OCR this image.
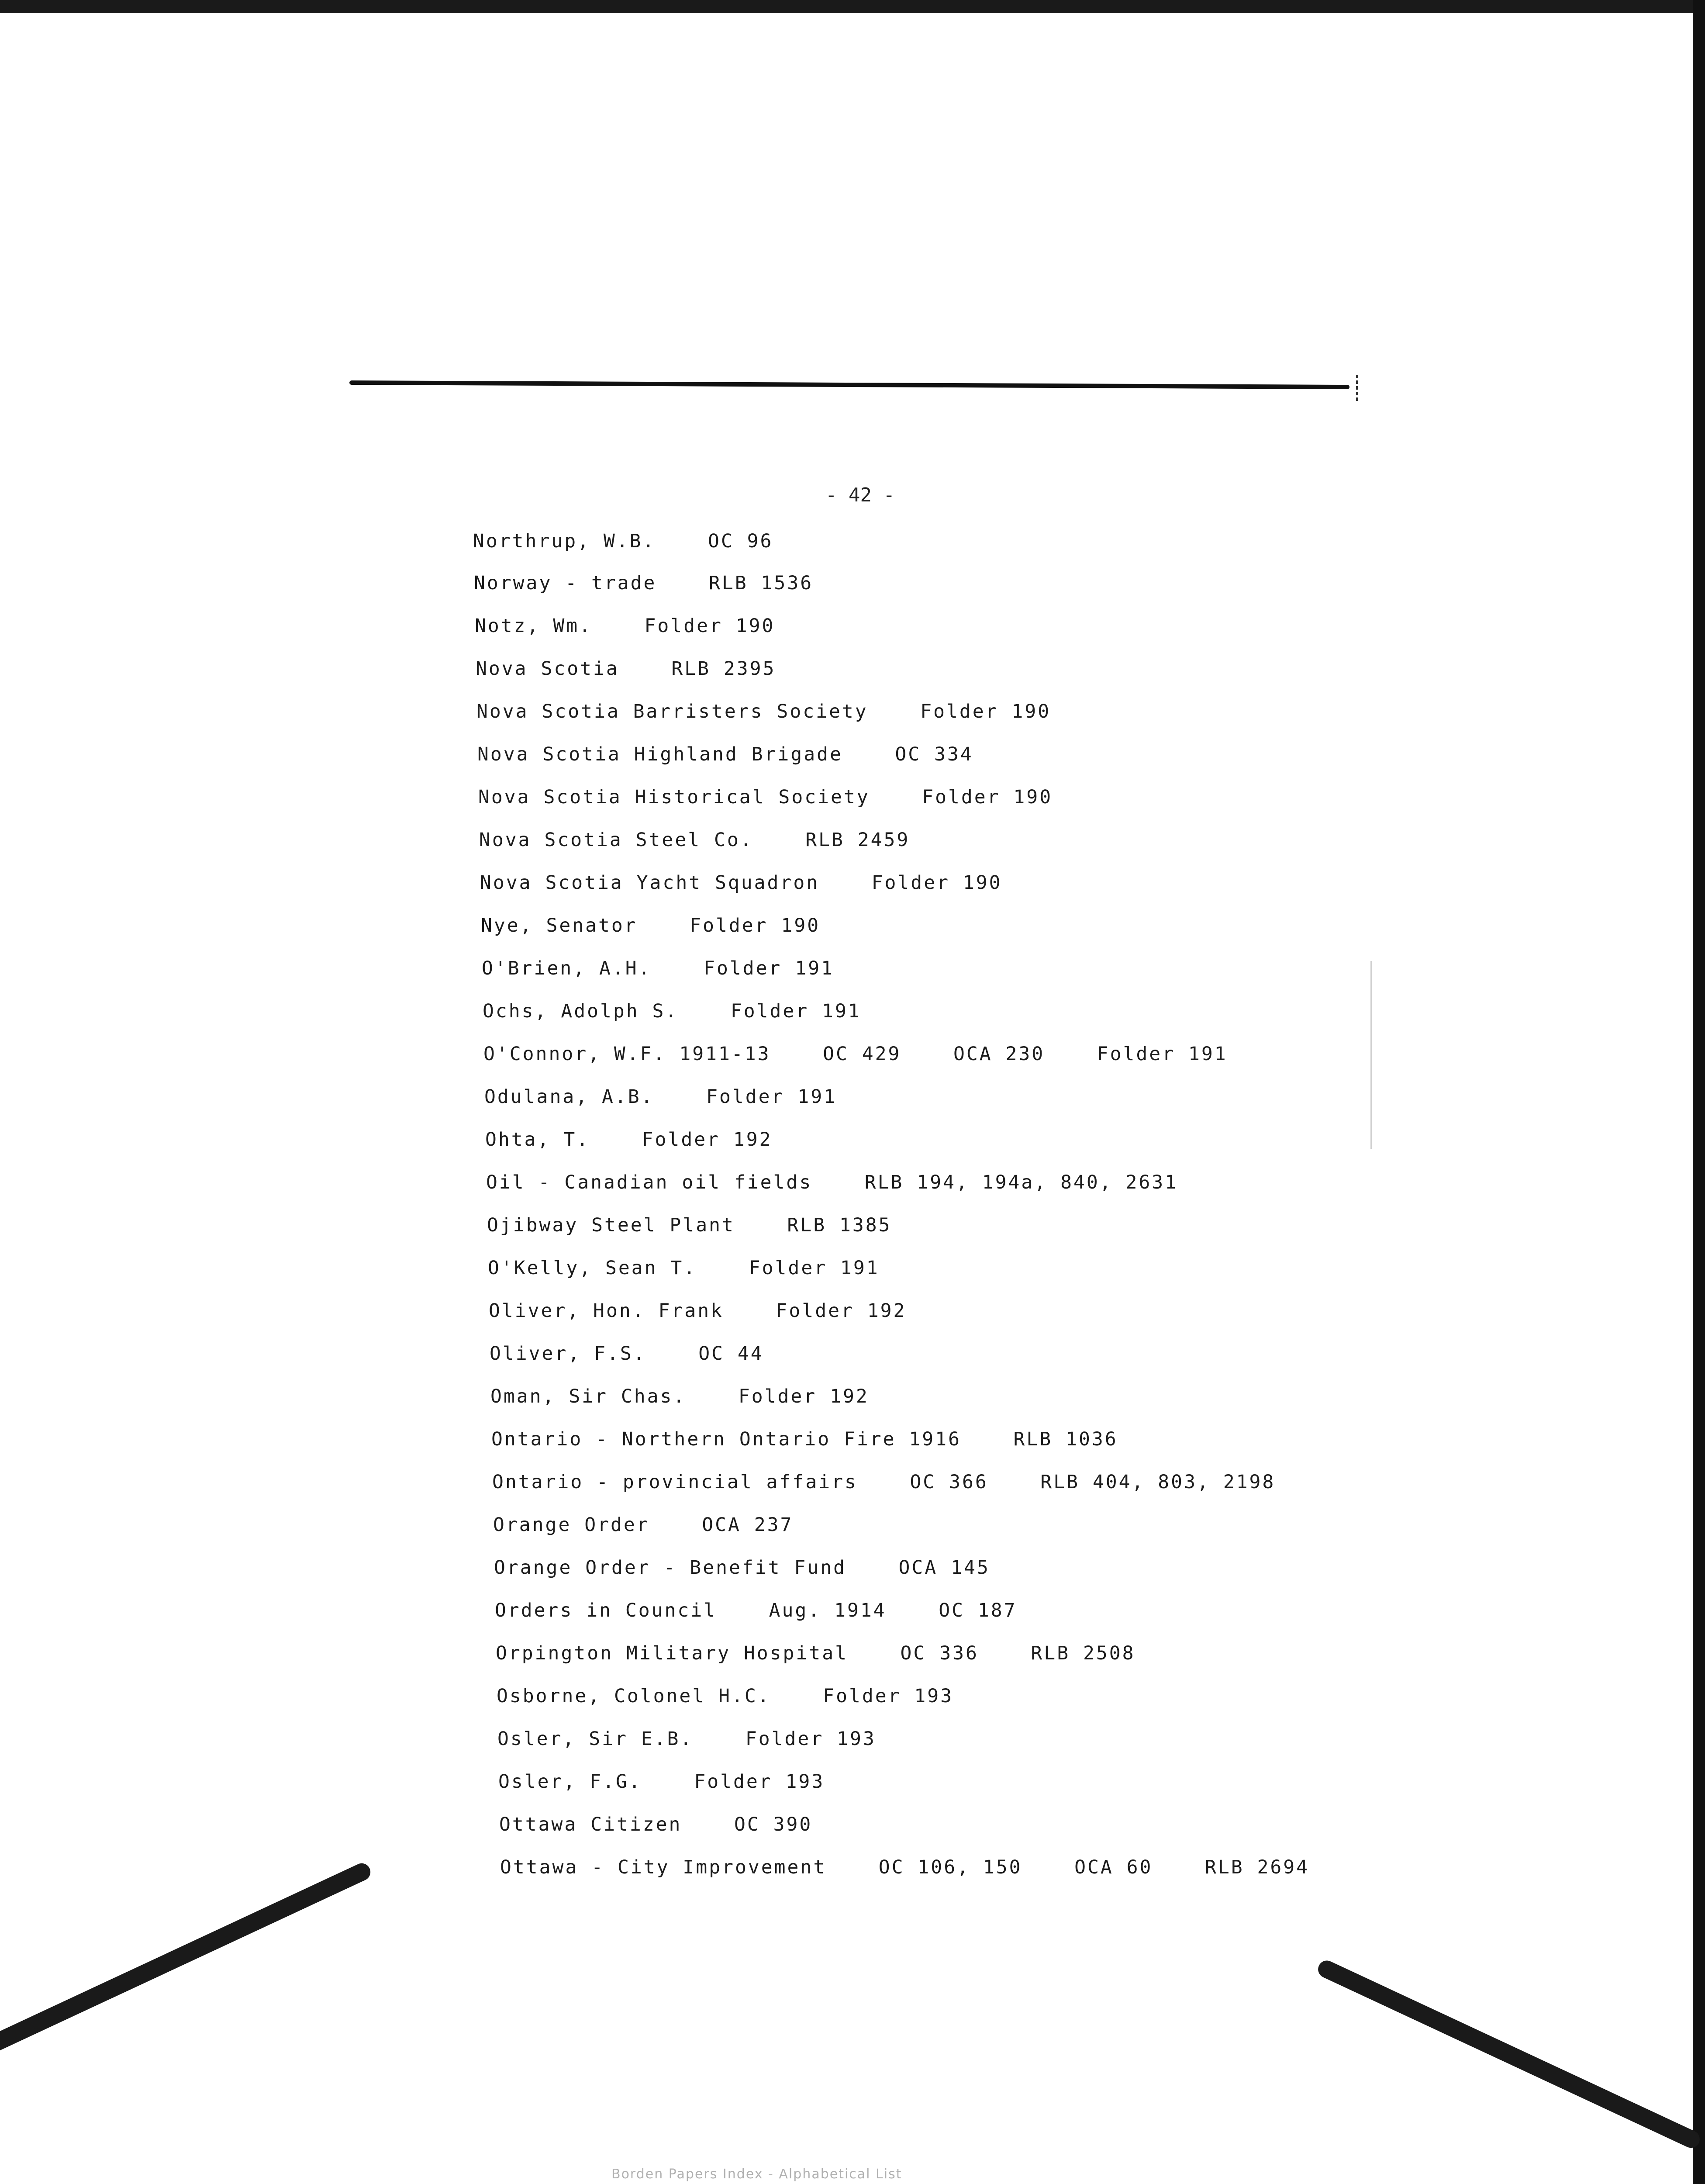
- 42 -

Northrup, W.B.    OC 96

Norway - trade    RLB 1536

Notz, Wm.    Folder 190

Nova Scotia    RLB 2395

Nova Scotia Barristers Society    Folder 190

Nova Scotia Highland Brigade    OC 334

Nova Scotia Historical Society    Folder 190

Nova Scotia Steel Co.    RLB 2459

Nova Scotia Yacht Squadron    Folder 190

Nye, Senator    Folder 190

O'Brien, A.H.    Folder 191

Ochs, Adolph S.    Folder 191

O'Connor, W.F. 1911-13    OC 429    OCA 230    Folder 191

Odulana, A.B.    Folder 191

Ohta, T.    Folder 192

Oil - Canadian oil fields    RLB 194, 194a, 840, 2631

Ojibway Steel Plant    RLB 1385

O'Kelly, Sean T.    Folder 191

Oliver, Hon. Frank    Folder 192

Oliver, F.S.    OC 44

Oman, Sir Chas.    Folder 192

Ontario - Northern Ontario Fire 1916    RLB 1036

Ontario - provincial affairs    OC 366    RLB 404, 803, 2198

Orange Order    OCA 237

Orange Order - Benefit Fund    OCA 145

Orders in Council    Aug. 1914    OC 187

Orpington Military Hospital    OC 336    RLB 2508

Osborne, Colonel H.C.    Folder 193

Osler, Sir E.B.    Folder 193

Osler, F.G.    Folder 193

Ottawa Citizen    OC 390

Ottawa - City Improvement    OC 106, 150    OCA 60    RLB 2694

Borden Papers Index - Alphabetical List
